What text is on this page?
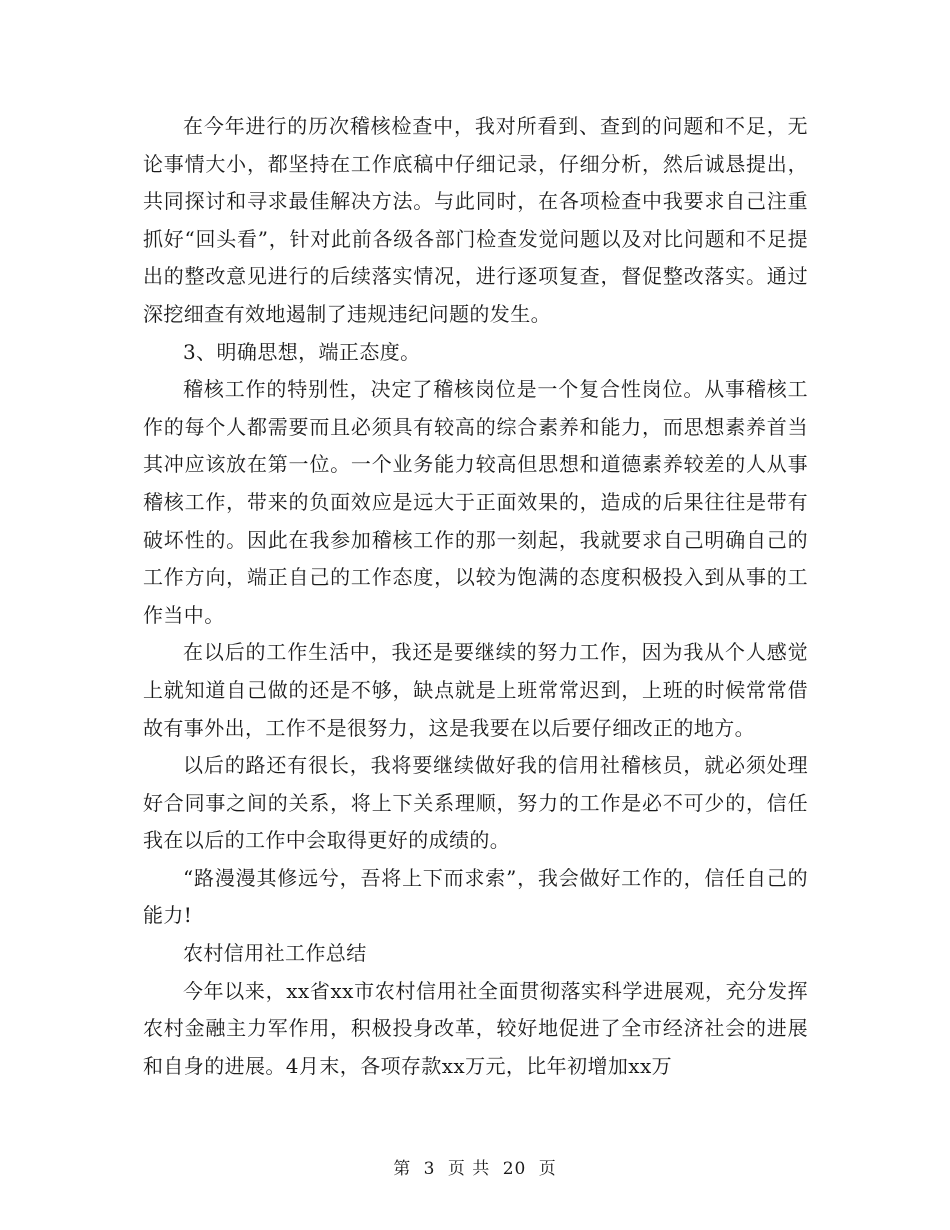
在今年进行的历次稽核检查中，我对所看到、查到的问题和不足，无论事情大小，都坚持在工作底稿中仔细记录，仔细分析，然后诚恳提出，共同探讨和寻求最佳解决方法。与此同时，在各项检查中我要求自己注重抓好“回头看”，针对此前各级各部门检查发觉问题以及对比问题和不足提出的整改意见进行的后续落实情况，进行逐项复查，督促整改落实。通过深挖细查有效地遏制了违规违纪问题的发生。

3、明确思想，端正态度。

稽核工作的特别性，决定了稽核岗位是一个复合性岗位。从事稽核工作的每个人都需要而且必须具有较高的综合素养和能力，而思想素养首当其冲应该放在第一位。一个业务能力较高但思想和道德素养较差的人从事稽核工作，带来的负面效应是远大于正面效果的，造成的后果往往是带有破坏性的。因此在我参加稽核工作的那一刻起，我就要求自己明确自己的工作方向，端正自己的工作态度，以较为饱满的态度积极投入到从事的工作当中。

在以后的工作生活中，我还是要继续的努力工作，因为我从个人感觉上就知道自己做的还是不够，缺点就是上班常常迟到，上班的时候常常借故有事外出，工作不是很努力，这是我要在以后要仔细改正的地方。

以后的路还有很长，我将要继续做好我的信用社稽核员，就必须处理好合同事之间的关系，将上下关系理顺，努力的工作是必不可少的，信任我在以后的工作中会取得更好的成绩的。

“路漫漫其修远兮，吾将上下而求索”，我会做好工作的，信任自己的能力!

农村信用社工作总结

今年以来，xx省xx市农村信用社全面贯彻落实科学进展观，充分发挥农村金融主力军作用，积极投身改革，较好地促进了全市经济社会的进展和自身的进展。4月末，各项存款xx万元，比年初增加xx万

第 3 页 共 20 页
